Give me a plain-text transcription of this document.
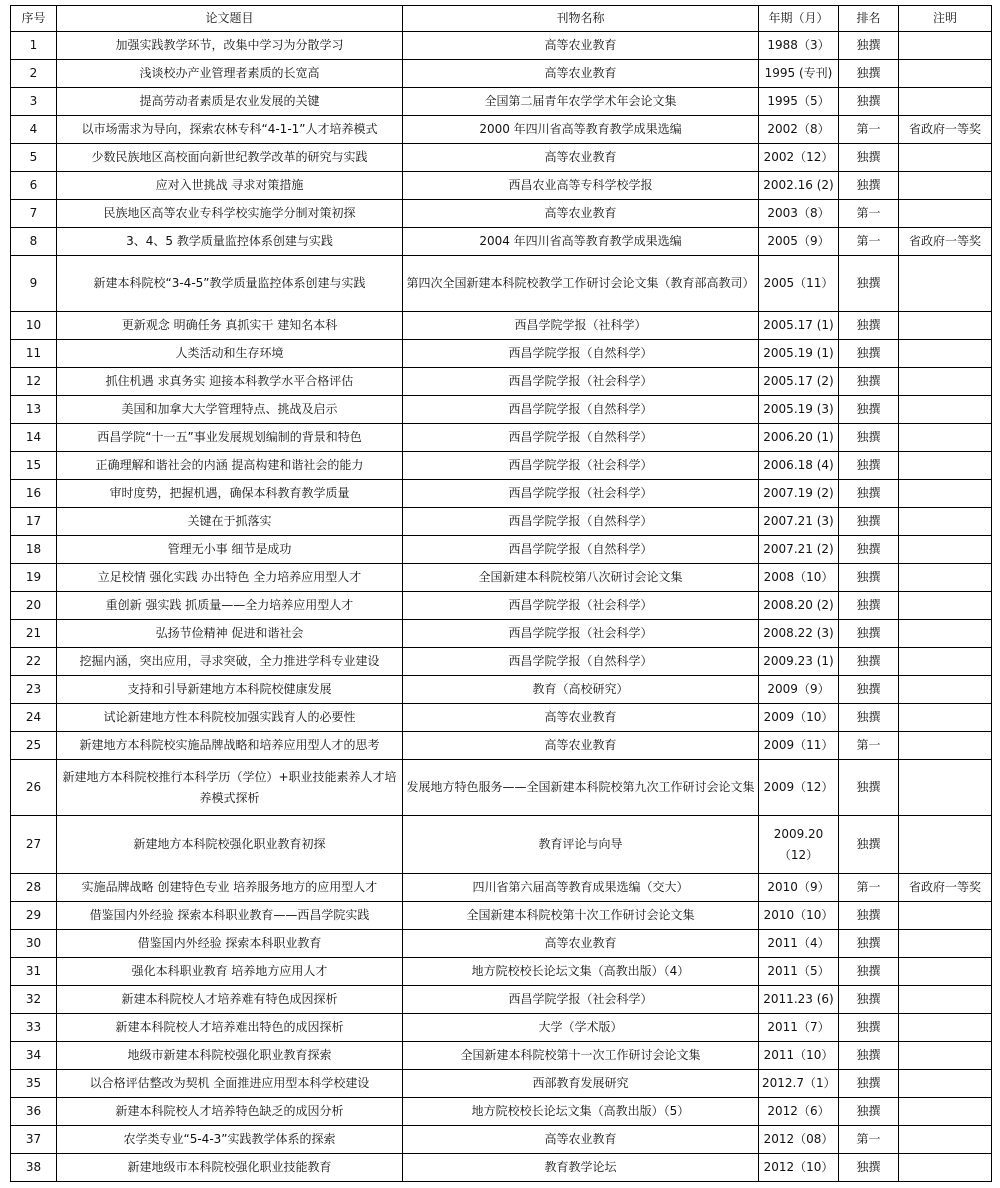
序号	论文题目	刊物名称	年期（月）	排名	注明
1	加强实践教学环节，改集中学习为分散学习	高等农业教育	1988（3）	独撰	
2	浅谈校办产业管理者素质的长宽高	高等农业教育	1995 (专刊)	独撰	
3	提高劳动者素质是农业发展的关键	全国第二届青年农学学术年会论文集	1995（5）	独撰	
4	以市场需求为导向，探索农林专科“4-1-1”人才培养模式	2000 年四川省高等教育教学成果选编	2002（8）	第一	省政府一等奖
5	少数民族地区高校面向新世纪教学改革的研究与实践	高等农业教育	2002（12）	独撰	
6	应对入世挑战 寻求对策措施	西昌农业高等专科学校学报	2002.16 (2)	独撰	
7	民族地区高等农业专科学校实施学分制对策初探	高等农业教育	2003（8）	第一	
8	3、4、5 教学质量监控体系创建与实践	2004 年四川省高等教育教学成果选编	2005（9）	第一	省政府一等奖
9	新建本科院校“3-4-5”教学质量监控体系创建与实践	第四次全国新建本科院校教学工作研讨会论文集（教育部高教司）	2005（11）	独撰	
10	更新观念 明确任务 真抓实干 建知名本科	西昌学院学报（社科学）	2005.17 (1)	独撰	
11	人类活动和生存环境	西昌学院学报（自然科学）	2005.19 (1)	独撰	
12	抓住机遇 求真务实 迎接本科教学水平合格评估	西昌学院学报（社会科学）	2005.17 (2)	独撰	
13	美国和加拿大大学管理特点、挑战及启示	西昌学院学报（自然科学）	2005.19 (3)	独撰	
14	西昌学院“十一五”事业发展规划编制的背景和特色	西昌学院学报（自然科学）	2006.20 (1)	独撰	
15	正确理解和谐社会的内涵 提高构建和谐社会的能力	西昌学院学报（社会科学）	2006.18 (4)	独撰	
16	审时度势，把握机遇，确保本科教育教学质量	西昌学院学报（社会科学）	2007.19 (2)	独撰	
17	关键在于抓落实	西昌学院学报（自然科学）	2007.21 (3)	独撰	
18	管理无小事 细节是成功	西昌学院学报（自然科学）	2007.21 (2)	独撰	
19	立足校情 强化实践 办出特色 全力培养应用型人才	全国新建本科院校第八次研讨会论文集	2008（10）	独撰	
20	重创新 强实践 抓质量——全力培养应用型人才	西昌学院学报（社会科学）	2008.20 (2)	独撰	
21	弘扬节俭精神 促进和谐社会	西昌学院学报（社会科学）	2008.22 (3)	独撰	
22	挖掘内涵，突出应用，寻求突破，全力推进学科专业建设	西昌学院学报（自然科学）	2009.23 (1)	独撰	
23	支持和引导新建地方本科院校健康发展	教育（高校研究）	2009（9）	独撰	
24	试论新建地方性本科院校加强实践育人的必要性	高等农业教育	2009（10）	独撰	
25	新建地方本科院校实施品牌战略和培养应用型人才的思考	高等农业教育	2009（11）	第一	
26	新建地方本科院校推行本科学历（学位）+职业技能素养人才培养模式探析	发展地方特色服务——全国新建本科院校第九次工作研讨会论文集	2009（12）	独撰	
27	新建地方本科院校强化职业教育初探	教育评论与向导	2009.20（12）	独撰	
28	实施品牌战略 创建特色专业 培养服务地方的应用型人才	四川省第六届高等教育成果选编（交大）	2010（9）	第一	省政府一等奖
29	借鉴国内外经验 探索本科职业教育——西昌学院实践	全国新建本科院校第十次工作研讨会论文集	2010（10）	独撰	
30	借鉴国内外经验 探索本科职业教育	高等农业教育	2011（4）	独撰	
31	强化本科职业教育 培养地方应用人才	地方院校校长论坛文集（高教出版）（4）	2011（5）	独撰	
32	新建本科院校人才培养难有特色成因探析	西昌学院学报（社会科学）	2011.23 (6)	独撰	
33	新建本科院校人才培养难出特色的成因探析	大学（学术版）	2011（7）	独撰	
34	地级市新建本科院校强化职业教育探索	全国新建本科院校第十一次工作研讨会论文集	2011（10）	独撰	
35	以合格评估整改为契机 全面推进应用型本科学校建设	西部教育发展研究	2012.7（1）	独撰	
36	新建本科院校人才培养特色缺乏的成因分析	地方院校校长论坛文集（高教出版）（5）	2012（6）	独撰	
37	农学类专业“5-4-3”实践教学体系的探索	高等农业教育	2012（08）	第一	
38	新建地级市本科院校强化职业技能教育	教育教学论坛	2012（10）	独撰	
